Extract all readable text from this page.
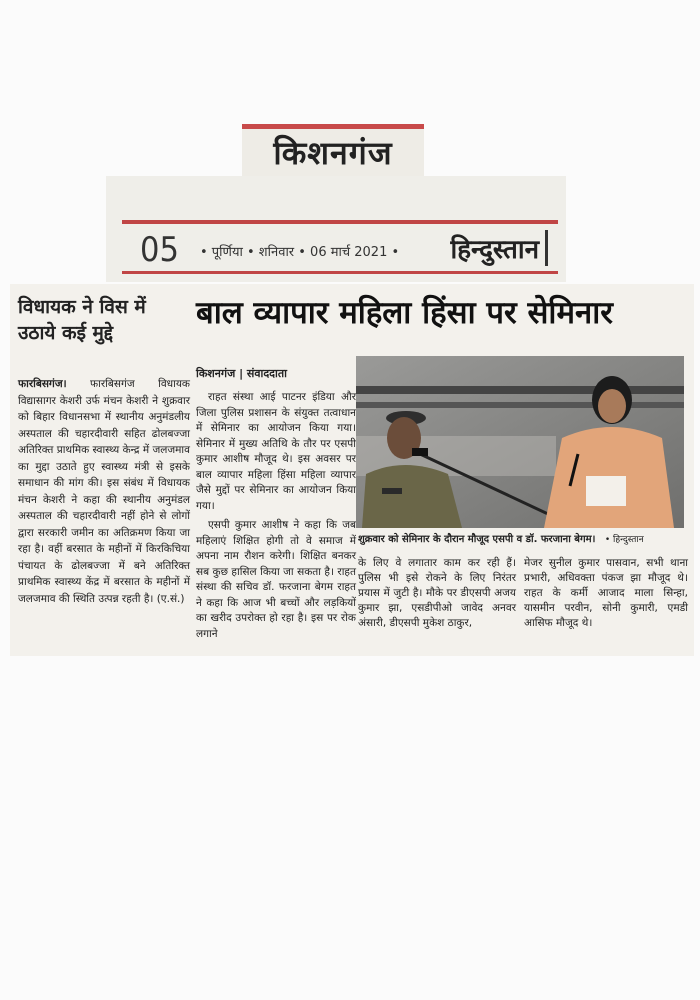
किशनगंज
05 • पूर्णिया • शनिवार • 06 मार्च 2021 • हिन्दुस्तान
विधायक ने विस में उठाये कई मुद्दे
फारबिसगंज। फारबिसगंज विधायक विद्यासागर केशरी उर्फ मंचन केशरी ने शुक्रवार को बिहार विधानसभा में स्थानीय अनुमंडलीय अस्पताल की चहारदीवारी सहित ढोलबज्जा अतिरिक्त प्राथमिक स्वास्थ्य केन्द्र में जलजमाव का मुद्दा उठाते हुए स्वास्थ्य मंत्री से इसके समाधान की मांग की। इस संबंध में विधायक मंचन केशरी ने कहा की स्थानीय अनुमंडल अस्पताल की चहारदीवारी नहीं होने से लोगों द्वारा सरकारी जमीन का अतिक्रमण किया जा रहा है। वहीं बरसात के महीनों में किरकिचिया पंचायत के ढोलबज्जा में बने अतिरिक्त प्राथमिक स्वास्थ्य केंद्र में बरसात के महीनों में जलजमाव की स्थिति उत्पन्न रहती है। (ए.सं.)
बाल व्यापार महिला हिंसा पर सेमिनार
किशनगंज | संवाददाता

राहत संस्था आई पाटनर इंडिया और जिला पुलिस प्रशासन के संयुक्त तत्वाधान में सेमिनार का आयोजन किया गया। सेमिनार में मुख्य अतिथि के तौर पर एसपी कुमार आशीष मौजूद थे। इस अवसर पर बाल व्यापार महिला हिंसा महिला व्यापार जैसे मुद्दों पर सेमिनार का आयोजन किया गया।

एसपी कुमार आशीष ने कहा कि जब महिलाएं शिक्षित होगी तो वे समाज में अपना नाम रौशन करेगी। शिक्षित बनकर सब कुछ हासिल किया जा सकता है। राहत संस्था की सचिव डॉ. फरजाना बेगम राहत ने कहा कि आज भी बच्चों और लड़कियों का खरीद उपरोक्त हो रहा है। इस पर रोक लगाने

शुक्रवार को सेमिनार के दौरान मौजूद एसपी व डॉ. फरजाना बेगम। • हिन्दुस्तान
के लिए वे लगातार काम कर रही हैं। पुलिस भी इसे रोकने के लिए निरंतर प्रयास में जुटी है। मौके पर डीएसपी अजय कुमार झा, एसडीपीओ जावेद अनवर अंसारी, डीएसपी मुकेश ठाकुर,
मेजर सुनील कुमार पासवान, सभी थाना प्रभारी, अधिवक्ता पंकज झा मौजूद थे। राहत के कर्मी आजाद माला सिन्हा, यासमीन परवीन, सोनी कुमारी, एमडी आसिफ मौजूद थे।
